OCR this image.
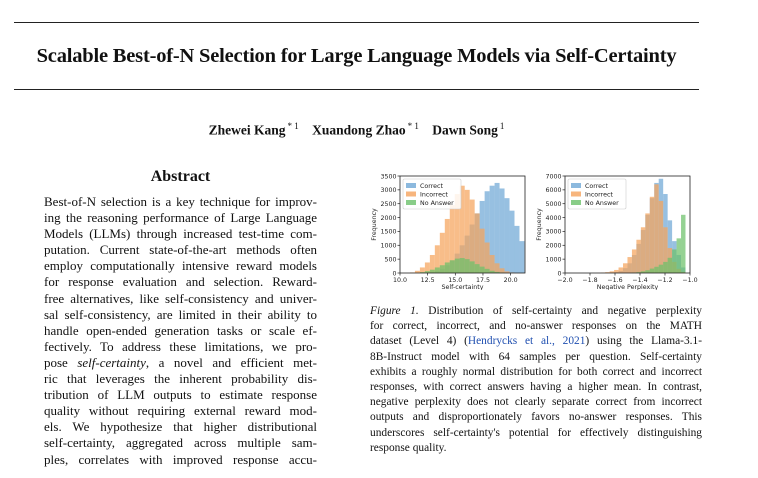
Scalable Best-of-N Selection for Large Language Models via Self-Certainty
Zhewei Kang $^{* 1}$ Xuandong Zhao $^{* 1}$ Dawn Song $^1$
Abstract
Best-of-N selection is a key technique for improv-
ing the reasoning performance of Large Language
Models (LLMs) through increased test-time com-
putation. Current state-of-the-art methods often
employ computationally intensive reward models
for response evaluation and selection. Reward-
free alternatives, like self-consistency and univer-
sal self-consistency, are limited in their ability to
handle open-ended generation tasks or scale ef-
fectively. To address these limitations, we pro-
pose self-certainty, a novel and efficient met-
ric that leverages the inherent probability dis-
tribution of LLM outputs to estimate response
quality without requiring external reward mod-
els. We hypothesize that higher distributional
self-certainty, aggregated across multiple sam-
ples, correlates with improved response accu-
0
500
1000
1500
2000
2500
3000
3500
10.0 12.5 15.0 17.5 20.0
Self-certainty
Frequency
Correct
Incorrect
No Answer
0
1000
2000
3000
4000
5000
6000
7000
−2.0 −1.8 −1.6 −1.4 −1.2 −1.0
Negative Perplexity
Frequency
Correct
Incorrect
No Answer
Figure 1. Distribution of self-certainty and negative perplexity
for correct, incorrect, and no-answer responses on the MATH
dataset (Level 4) (Hendrycks et al., 2021) using the Llama-3.1-
8B-Instruct model with 64 samples per question. Self-certainty
exhibits a roughly normal distribution for both correct and incorrect
responses, with correct answers having a higher mean. In contrast,
negative perplexity does not clearly separate correct from incorrect
outputs and disproportionately favors no-answer responses. This
underscores self-certainty's potential for effectively distinguishing
response quality.
